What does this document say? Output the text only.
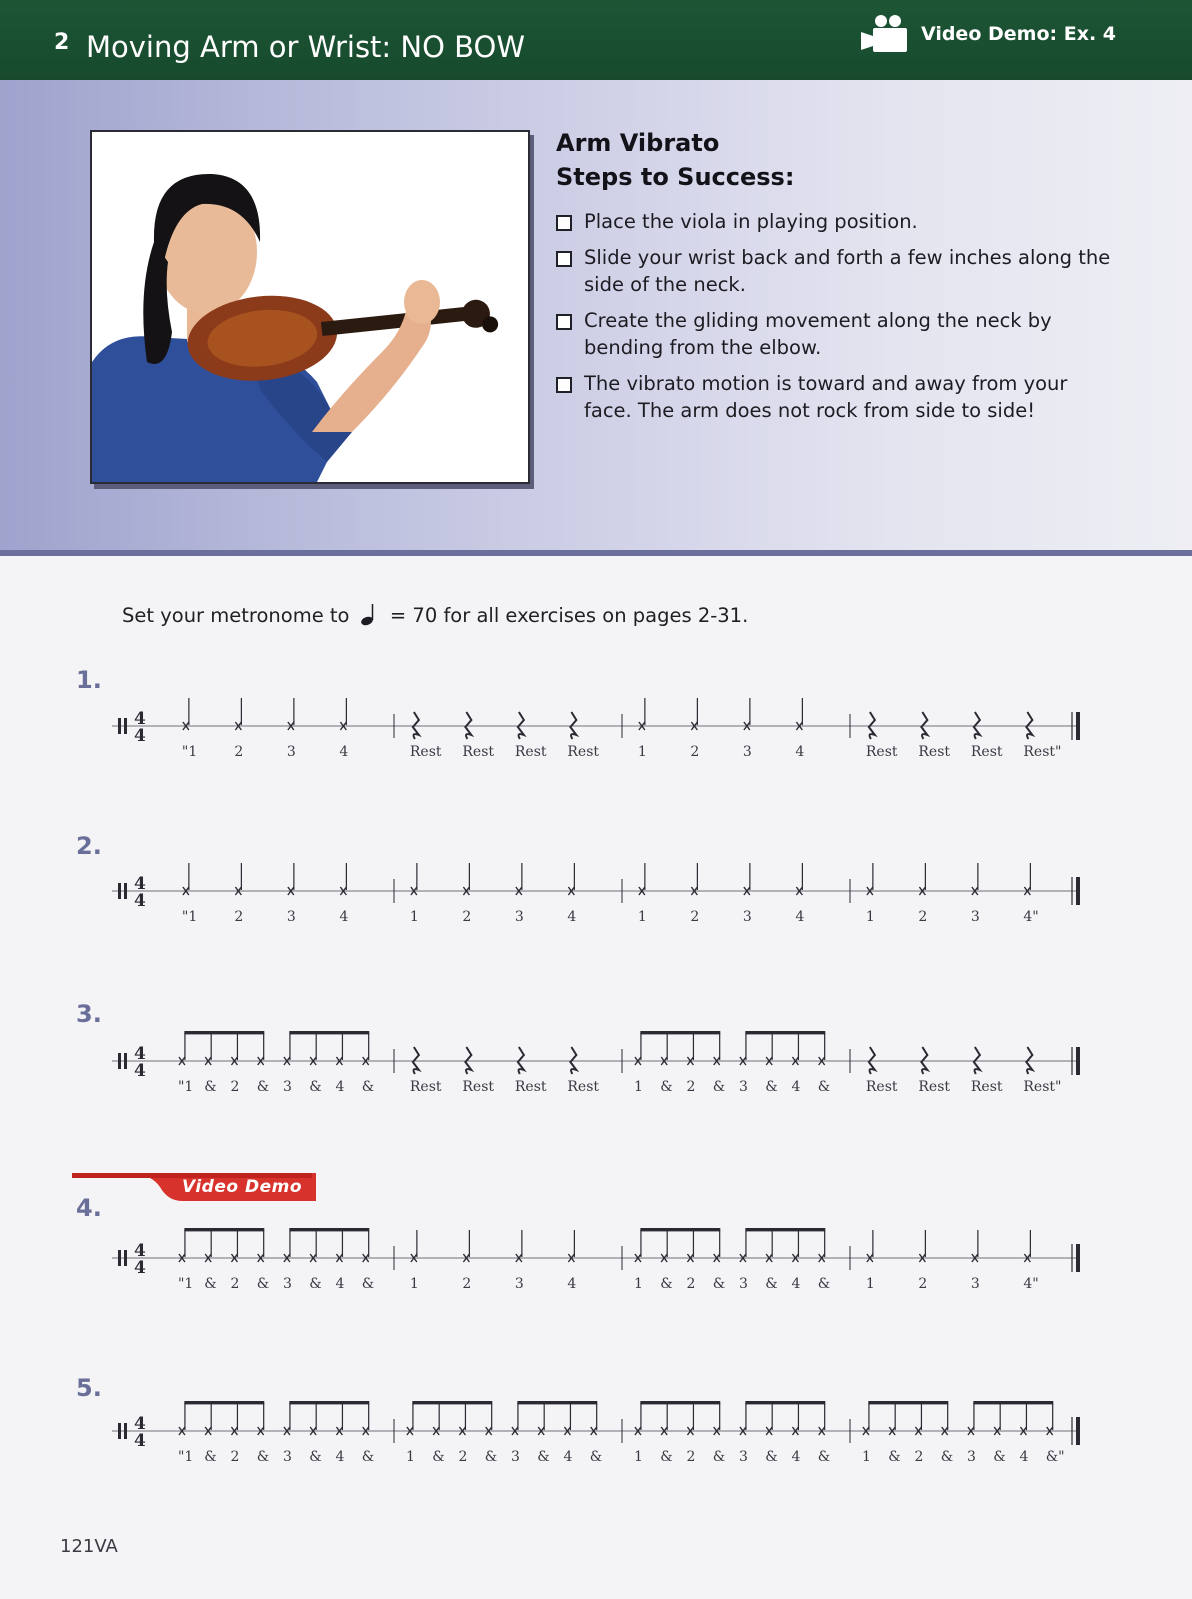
2 Moving Arm or Wrist: NO BOW	Video Demo: Ex. 4
Arm Vibrato
Steps to Success:
Place the viola in playing position.
Slide your wrist back and forth a few inches along the side of the neck.
Create the gliding movement along the neck by bending from the elbow.
The vibrato motion is toward and away from your face. The arm does not rock from side to side!
Set your metronome to = 70 for all exercises on pages 2-31.
1.
2.
3.
4.
5.
Video Demo
4
4
"1	2	3	4	Rest Rest Rest Rest	1	2	3	4	Rest Rest Rest Rest"
4
4
"1	2	3	4	1	2	3	4	1	2	3	4	1	2	3	4"
4
4
"1 & 2 & 3 & 4 &	Rest Rest Rest Rest 1 & 2 & 3 & 4 &	Rest Rest Rest Rest"
4
4
"1 & 2 & 3 & 4 &	1	2	3	4	1 & 2 & 3 & 4 &	1	2	3	4"
4
4
"1 & 2 & 3 & 4 & 1 & 2 & 3 & 4 & 1 & 2 & 3 & 4 & 1 & 2 & 3 & 4 &"
121VA
